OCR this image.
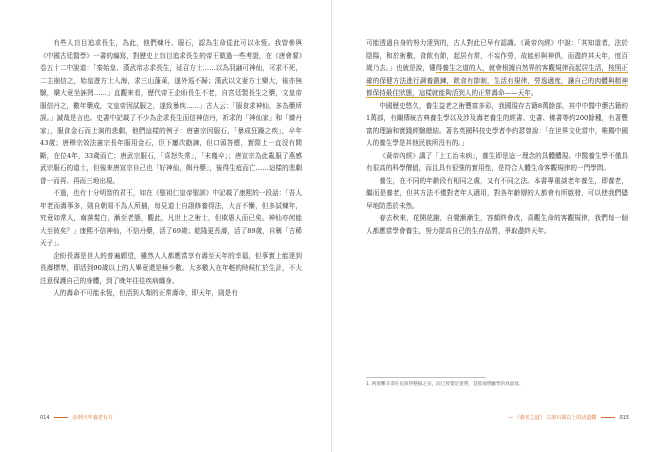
有些人盲目追求長生，為此，他們煉丹、服石，認為生命從此可以永恆。我曾參與《中國古廷醫學》一書的編寫，對歷史上盲目追求長生的帝王做過一些考證，在《唐會要》卷五十二中說道：「秦始皇、漢武帝志求長生，延召方士……以為羽翮可神仙，可求不死，二主崩信之，始皇遊方士入海，求三山蓬萊，遂外巡不歸；漢武以文妻方士欒大，後亦無驗，欒大竟坐誣罔……」直觀來看，歷代帝王企盼長生不老，自宮廷製長生之藥，文皇帝服信丹之，數年藥成，文皇帝因試服之，遂致暴疾……」古人云：「服食求神仙，多為藥所誤。」誠哉是言也。史書中記載了不少為企求長生而信神信丹，祈求的「神仙家」和「練丹家」，服食金石而上演的悲劇，他們這樣的例子：唐憲宗因服石，「暴成狂躁之疾」，卒年43歲；唐穆宗效法憲宗長年服用金石，臣下屢次勸諫，但口頭答應，實際上一直沒有間斷，在位4年，33歲而亡；唐武宗服石，「喜怒失常」，「未幾卒」；唐宣宗為此亂服了燕感武宗服石的道士，但後來唐宣宗自己也「好神仙，餌丹藥」，後得生疽而亡……這樣的悲劇曾一而再、再而三地出現。

不過，也有十分明智的君王，如在《聖祖仁皇帝聖訓》中記載了康熙的一段話：「吾人年老而壽事多，則自朝易不為人所捕，每見道士自詡修養得法，大言不慚，但多試煉年，究竟如常人，齒落髮白，漸至老態，觀此，凡世上之術士，但欺愚人而已矣。神仙亦何能大至彼矣？」康熙不信神仙，不信丹藥，活了69歲；乾隆更長壽，活了89歲，自稱「古稀天子」。

企盼長壽是世人的普遍願望，雖然人人都應當享有壽至天年的幸福，但事實上能達到長壽標準，即活到90歲以上的人畢竟還是極少數。大多數人在年輕的時候忙於生計，不大注意保護自己的身體，到了晚年往往疾病纏身。

人的壽命不可能永恆，但活到人類的正常壽命，即天年，則是有

014	活到天年養老有方

可能透過自身的努力達到的，古人對此已早有認識。《黃帝內經》中說：「其知道者，法於陰陽，和於術數，食飲有節，起居有常，不妄作勞，故能形與神俱，而盡終其天年，度百歲乃去。」也就是說，懂得養生之道的人，就會根據自然界的客觀規律而起居生活，按照正確的保健方法進行調養鍛鍊，飲食有節制，生活有規律，勞逸適度，讓自己的肉體與精神都保持最佳狀態，這樣就能夠活到人的正常壽命——天年。

中國歷史悠久，養生益老之術豐富多彩，我國現存古籍8萬餘部，其中中醫中藥古籍約1萬部，有關傳統古典養生學以及涉及壽老養生的經書、史書、佛書等約200餘種，有著豐富的理論和實踐經驗總結。著名英國科技史學者李約瑟曾說：「在世界文化當中，唯獨中國人的養生學是其他民族所沒有的。」

《黃帝內經》講了「上工治未病」，養生即是這一理念的具體體現。中醫養生學不僅具有很高的科學價值，而且具有很強的實用性，是符合人體生命客觀規律的一門學問。

養生，在不同的年齡段有相同之處，又有不同之法。本書專重談老年養生，即養老，繼而是養老，但其方法不僅對老年人適用，對各年齡層的人都會有所啟發，可以使我們儘早地防患於未然。

春去秋來，花開花謝，自覺漸漸生，容顏終會改，喜觀生命的客觀規律，我們每一個人都應當學會養生，努力提高自己的生存品質，爭取盡終天年。

1. 阿那難羊壽在長與得整倘之長，而已發覺足迷帶，是肢地帶屬學的真量效。

— 《養老之道》 古壽百歲以上的活道觀	015
